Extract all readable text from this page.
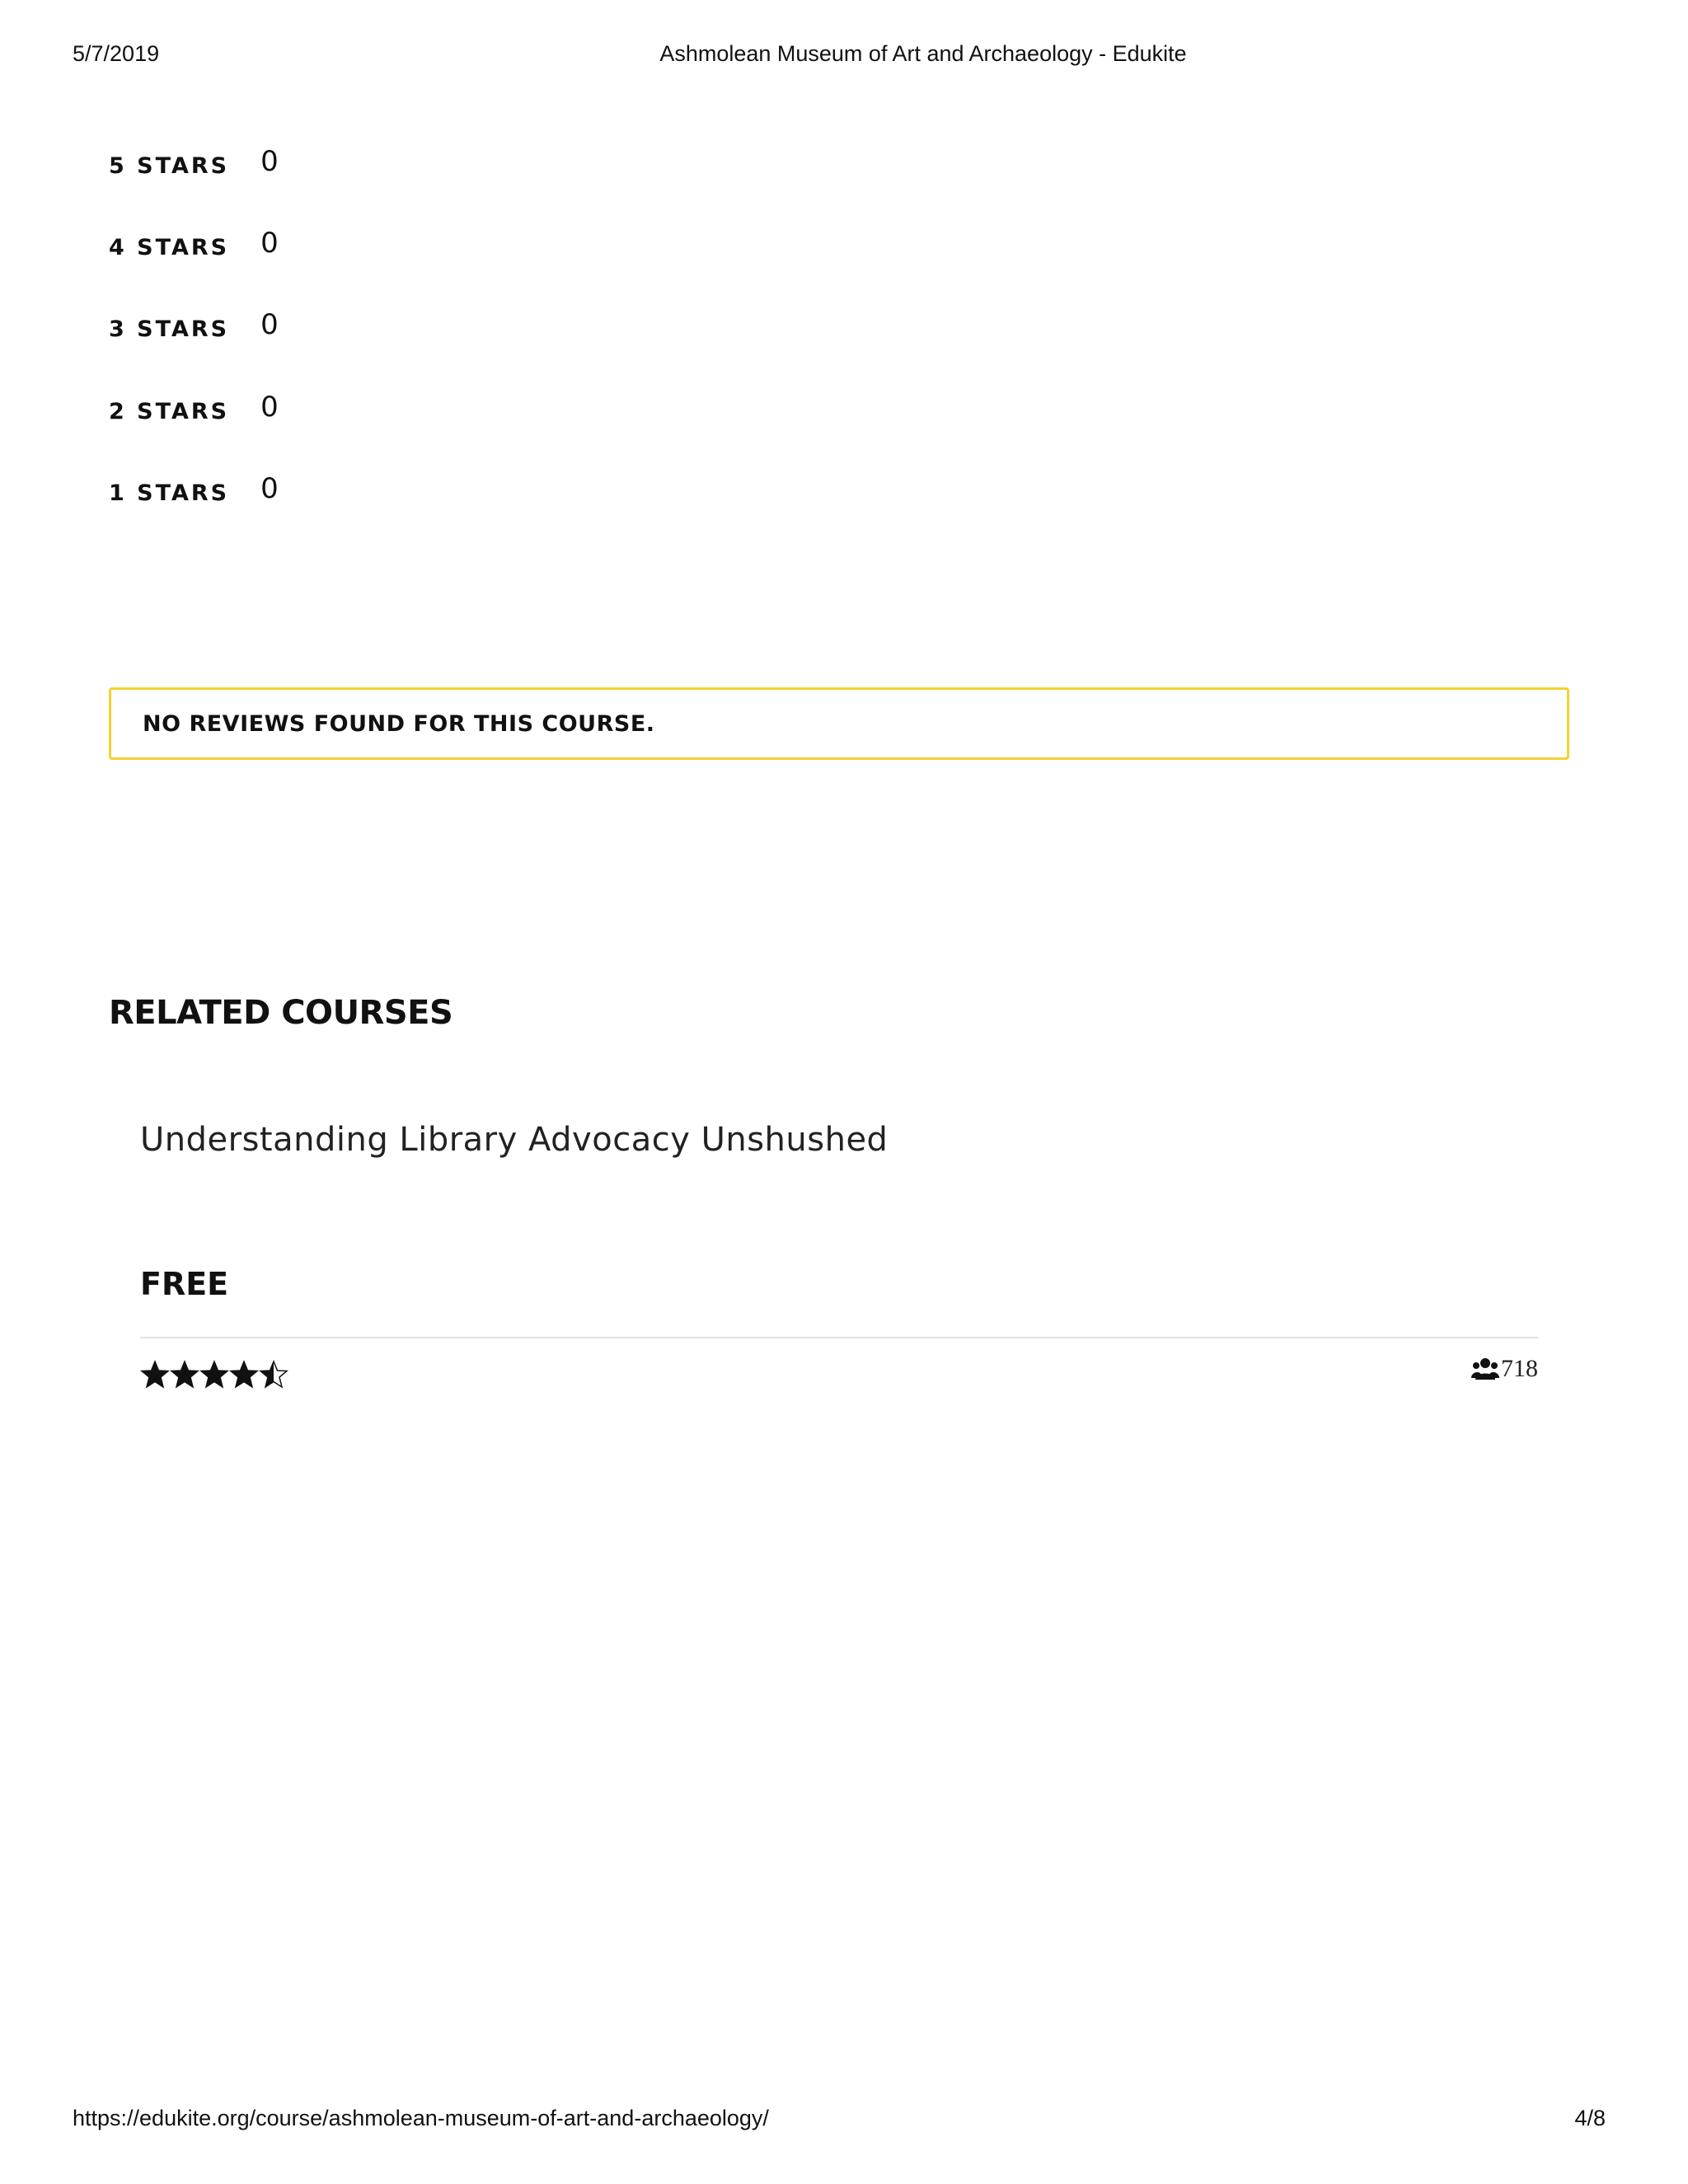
5/7/2019	Ashmolean Museum of Art and Archaeology - Edukite
5 STARS 0
4 STARS 0
3 STARS 0
2 STARS 0
1 STARS 0
NO REVIEWS FOUND FOR THIS COURSE.
RELATED COURSES
Understanding Library Advocacy Unshushed
FREE
718
https://edukite.org/course/ashmolean-museum-of-art-and-archaeology/	4/8
